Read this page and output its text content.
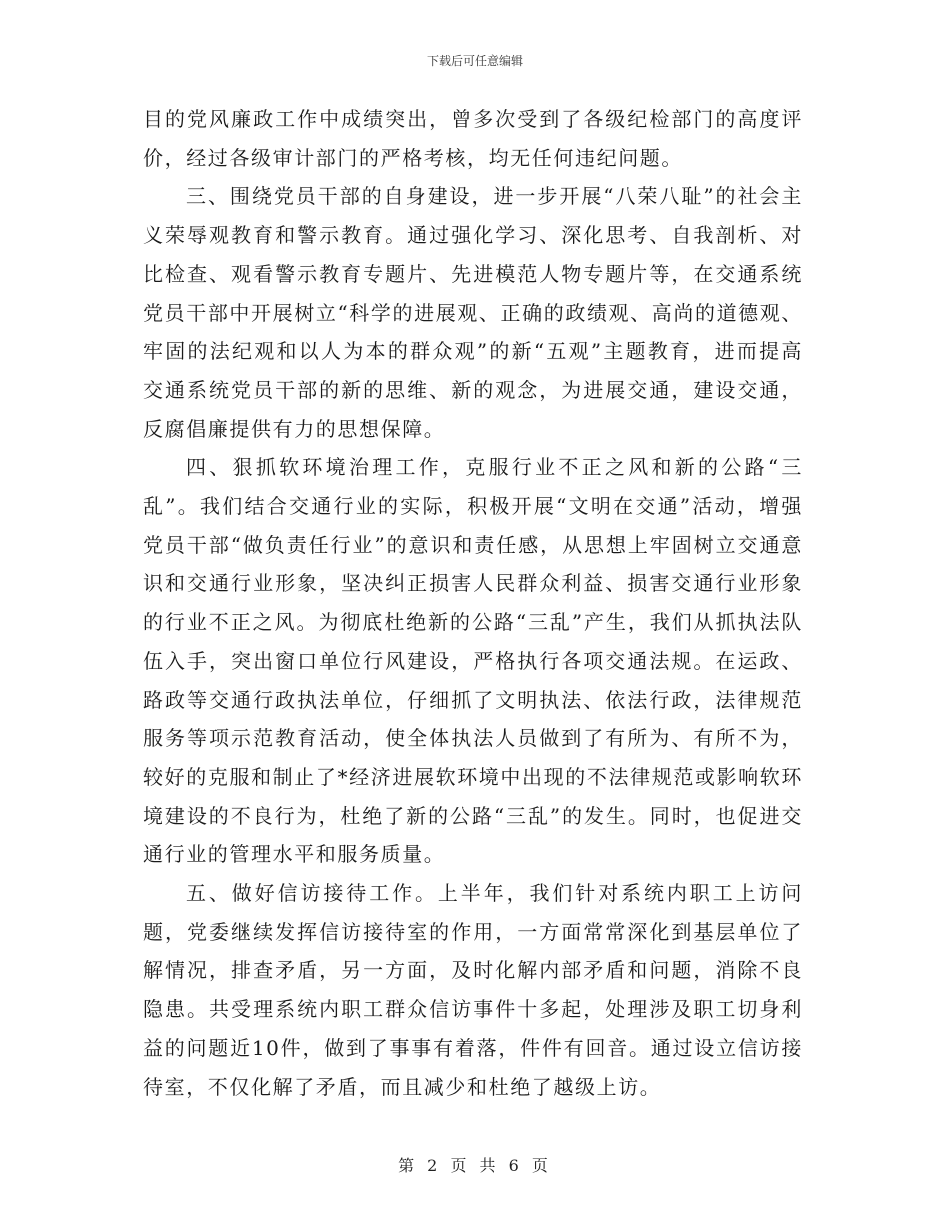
下载后可任意编辑

目的党风廉政工作中成绩突出，曾多次受到了各级纪检部门的高度评价，经过各级审计部门的严格考核，均无任何违纪问题。

三、围绕党员干部的自身建设，进一步开展“八荣八耻”的社会主义荣辱观教育和警示教育。通过强化学习、深化思考、自我剖析、对比检查、观看警示教育专题片、先进模范人物专题片等，在交通系统党员干部中开展树立“科学的进展观、正确的政绩观、高尚的道德观、牢固的法纪观和以人为本的群众观”的新“五观”主题教育，进而提高交通系统党员干部的新的思维、新的观念，为进展交通，建设交通，反腐倡廉提供有力的思想保障。

四、狠抓软环境治理工作，克服行业不正之风和新的公路“三乱”。我们结合交通行业的实际，积极开展“文明在交通”活动，增强党员干部“做负责任行业”的意识和责任感，从思想上牢固树立交通意识和交通行业形象，坚决纠正损害人民群众利益、损害交通行业形象的行业不正之风。为彻底杜绝新的公路“三乱”产生，我们从抓执法队伍入手，突出窗口单位行风建设，严格执行各项交通法规。在运政、路政等交通行政执法单位，仔细抓了文明执法、依法行政，法律规范服务等项示范教育活动，使全体执法人员做到了有所为、有所不为，较好的克服和制止了*经济进展软环境中出现的不法律规范或影响软环境建设的不良行为，杜绝了新的公路“三乱”的发生。同时，也促进交通行业的管理水平和服务质量。

五、做好信访接待工作。上半年，我们针对系统内职工上访问题，党委继续发挥信访接待室的作用，一方面常常深化到基层单位了解情况，排查矛盾，另一方面，及时化解内部矛盾和问题，消除不良隐患。共受理系统内职工群众信访事件十多起，处理涉及职工切身利益的问题近10件，做到了事事有着落，件件有回音。通过设立信访接待室，不仅化解了矛盾，而且减少和杜绝了越级上访。

第 2 页 共 6 页
